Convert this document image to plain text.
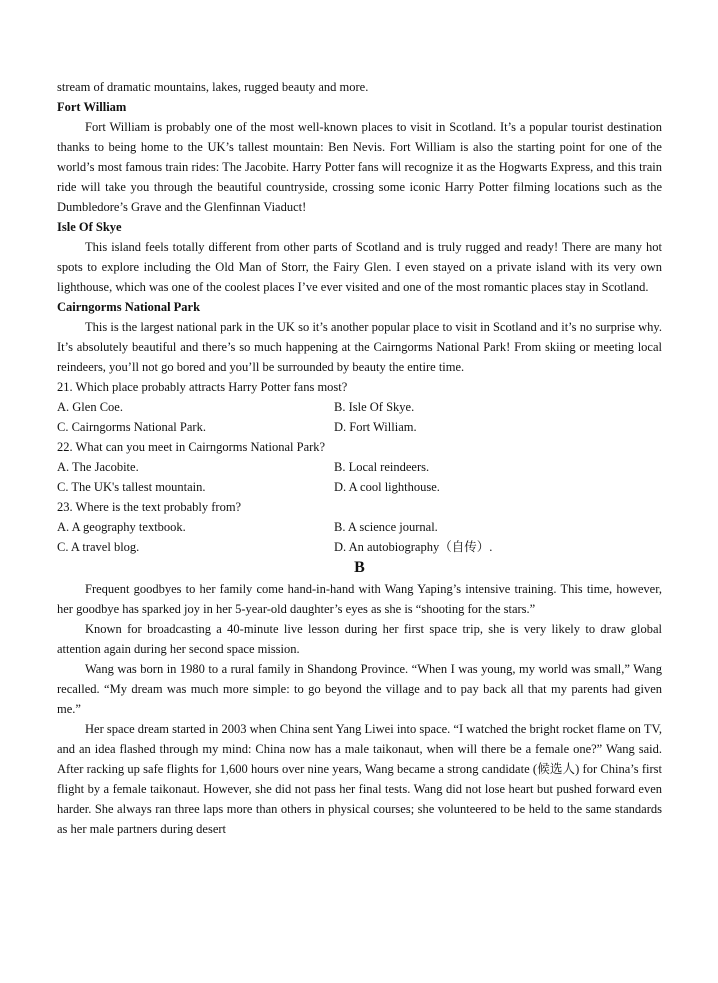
stream of dramatic mountains, lakes, rugged beauty and more.
Fort William

Fort William is probably one of the most well-known places to visit in Scotland. It’s a popular tourist destination thanks to being home to the UK’s tallest mountain: Ben Nevis. Fort William is also the starting point for one of the world’s most famous train rides: The Jacobite. Harry Potter fans will recognize it as the Hogwarts Express, and this train ride will take you through the beautiful countryside, crossing some iconic Harry Potter filming locations such as the Dumbledore’s Grave and the Glenfinnan Viaduct!

Isle Of Skye

This island feels totally different from other parts of Scotland and is truly rugged and ready! There are many hot spots to explore including the Old Man of Storr, the Fairy Glen. I even stayed on a private island with its very own lighthouse, which was one of the coolest places I’ve ever visited and one of the most romantic places stay in Scotland.

Cairngorms National Park

This is the largest national park in the UK so it’s another popular place to visit in Scotland and it’s no surprise why. It’s absolutely beautiful and there’s so much happening at the Cairngorms National Park! From skiing or meeting local reindeers, you’ll not go bored and you’ll be surrounded by beauty the entire time.

21. Which place probably attracts Harry Potter fans most?
A. Glen Coe.	B. Isle Of Skye.
C. Cairngorms National Park.	D. Fort William.
22. What can you meet in Cairngorms National Park?
A. The Jacobite.	B. Local reindeers.
C. The UK's tallest mountain.	D. A cool lighthouse.
23. Where is the text probably from?
A. A geography textbook.	B. A science journal.
C. A travel blog.	D. An autobiography（自传）.
B

Frequent goodbyes to her family come hand-in-hand with Wang Yaping’s intensive training. This time, however, her goodbye has sparked joy in her 5-year-old daughter’s eyes as she is “shooting for the stars.”

Known for broadcasting a 40-minute live lesson during her first space trip, she is very likely to draw global attention again during her second space mission.

Wang was born in 1980 to a rural family in Shandong Province. “When I was young, my world was small,” Wang recalled. “My dream was much more simple: to go beyond the village and to pay back all that my parents had given me.”

Her space dream started in 2003 when China sent Yang Liwei into space. “I watched the bright rocket flame on TV, and an idea flashed through my mind: China now has a male taikonaut, when will there be a female one?” Wang said. After racking up safe flights for 1,600 hours over nine years, Wang became a strong candidate (候选人) for China’s first flight by a female taikonaut. However, she did not pass her final tests. Wang did not lose heart but pushed forward even harder. She always ran three laps more than others in physical courses; she volunteered to be held to the same standards as her male partners during desert
